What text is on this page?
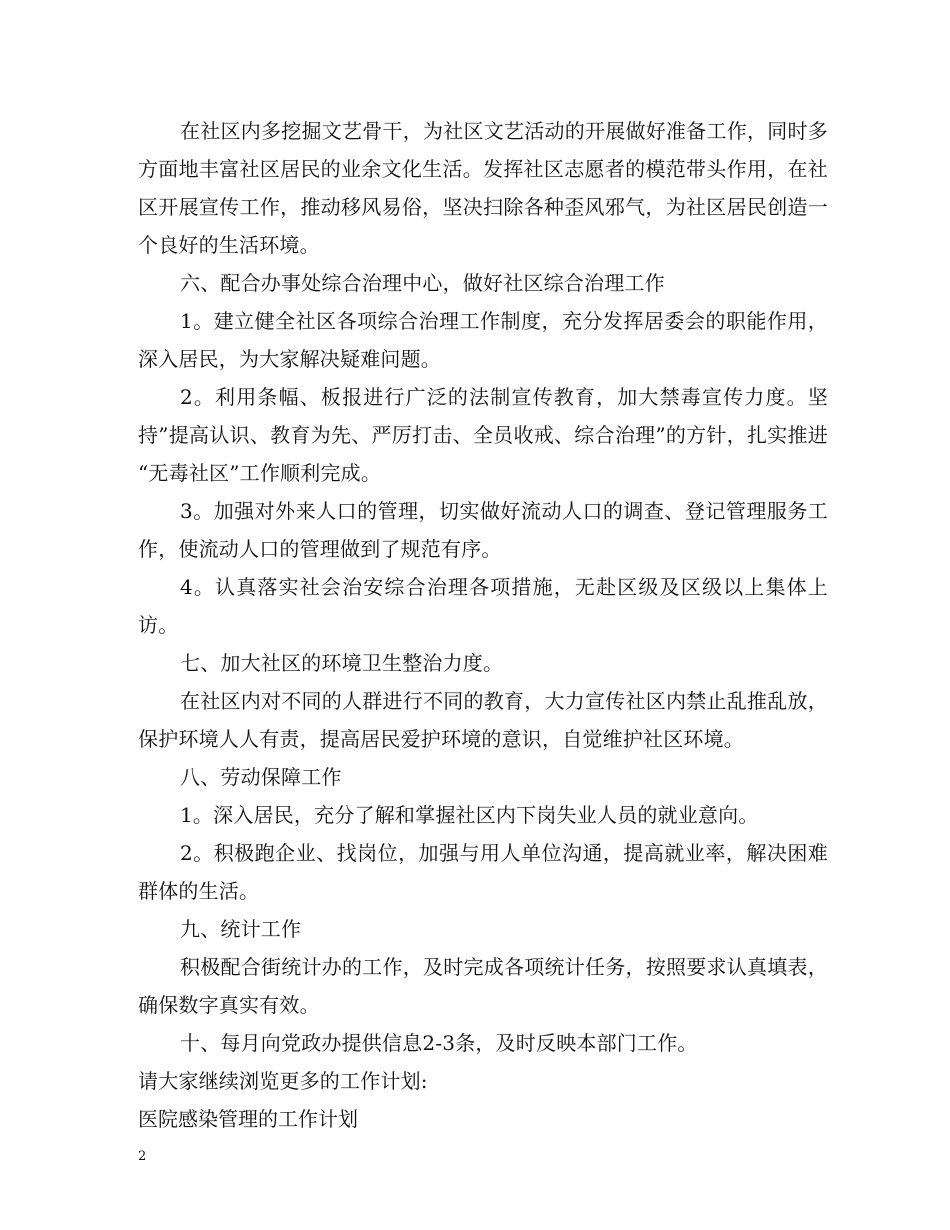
在社区内多挖掘文艺骨干，为社区文艺活动的开展做好准备工作，同时多方面地丰富社区居民的业余文化生活。发挥社区志愿者的模范带头作用，在社区开展宣传工作，推动移风易俗，坚决扫除各种歪风邪气，为社区居民创造一个良好的生活环境。

六、配合办事处综合治理中心，做好社区综合治理工作

1。建立健全社区各项综合治理工作制度，充分发挥居委会的职能作用，深入居民，为大家解决疑难问题。

2。利用条幅、板报进行广泛的法制宣传教育，加大禁毒宣传力度。坚持”提高认识、教育为先、严厉打击、全员收戒、综合治理”的方针，扎实推进 “无毒社区”工作顺利完成。

3。加强对外来人口的管理，切实做好流动人口的调查、登记管理服务工作，使流动人口的管理做到了规范有序。

4。认真落实社会治安综合治理各项措施，无赴区级及区级以上集体上访。

七、加大社区的环境卫生整治力度。

在社区内对不同的人群进行不同的教育，大力宣传社区内禁止乱推乱放，保护环境人人有责，提高居民爱护环境的意识，自觉维护社区环境。

八、劳动保障工作

1。深入居民，充分了解和掌握社区内下岗失业人员的就业意向。

2。积极跑企业、找岗位，加强与用人单位沟通，提高就业率，解决困难群体的生活。

九、统计工作

积极配合街统计办的工作，及时完成各项统计任务，按照要求认真填表，确保数字真实有效。

十、每月向党政办提供信息2-3条，及时反映本部门工作。

请大家继续浏览更多的工作计划:

医院感染管理的工作计划

2
